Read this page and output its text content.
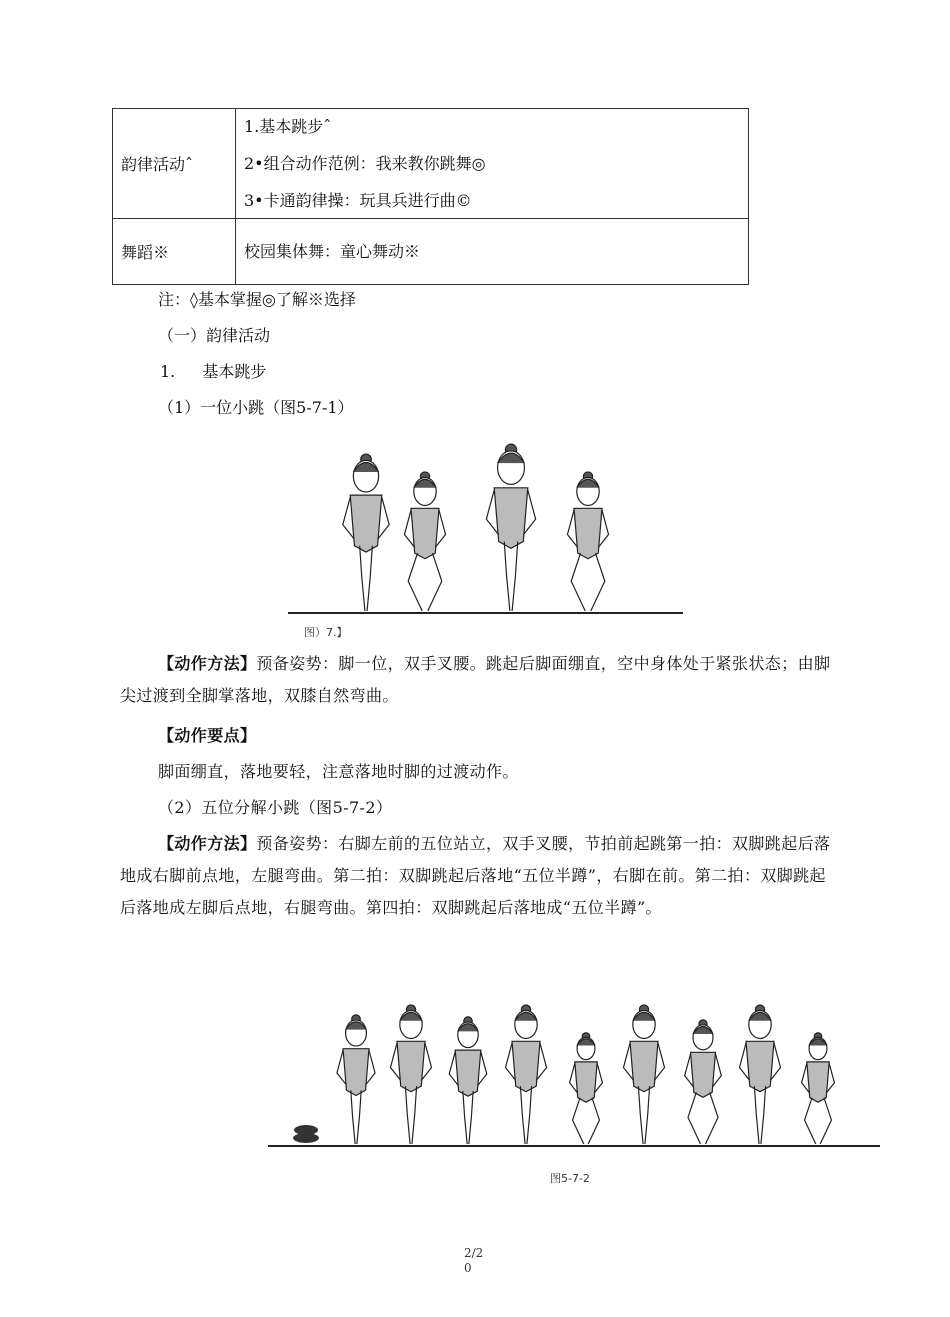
韵律活动ˆ	1.基本跳步ˆ
2•组合动作范例：我来教你跳舞◎
3•卡通韵律操：玩具兵进行曲©

舞蹈※	校园集体舞：童心舞动※
注：◊基本掌握◎了解※选择
（一）韵律活动
1. 基本跳步
（1）一位小跳（图5-7-1）
图）7.】
【动作方法】预备姿势：脚一位，双手叉腰。跳起后脚面绷直，空中身体处于紧张状态；由脚尖过渡到全脚掌落地，双膝自然弯曲。
【动作要点】
脚面绷直，落地要轻，注意落地时脚的过渡动作。
（2）五位分解小跳（图5-7-2）
【动作方法】预备姿势：右脚左前的五位站立，双手叉腰，节拍前起跳第一拍：双脚跳起后落地成右脚前点地，左腿弯曲。第二拍：双脚跳起后落地“五位半蹲”，右脚在前。第二拍：双脚跳起后落地成左脚后点地，右腿弯曲。第四拍：双脚跳起后落地成“五位半蹲”。
图5-7-2
2/2
0
